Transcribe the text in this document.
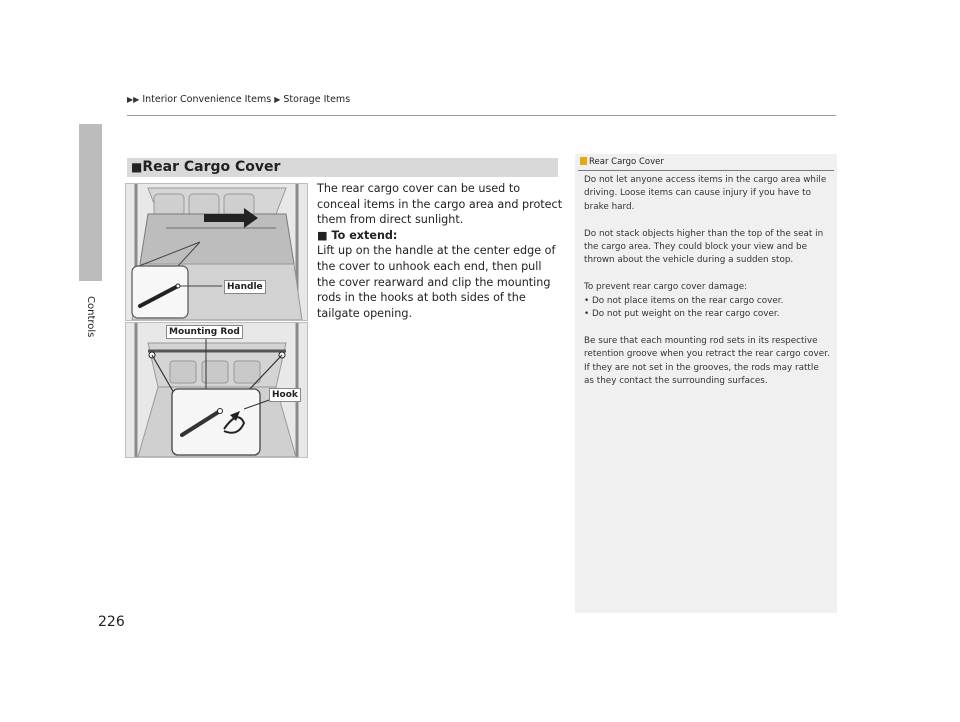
▶▶ Interior Convenience Items ▶ Storage Items
Controls
226
■Rear Cargo Cover
Handle
Mounting Rod
Hook

The rear cargo cover can be used to conceal items in the cargo area and protect them from direct sunlight.

■ To extend:

Lift up on the handle at the center edge of the cover to unhook each end, then pull the cover rearward and clip the mounting rods in the hooks at both sides of the tailgate opening.

Rear Cargo Cover

Do not let anyone access items in the cargo area while driving. Loose items can cause injury if you have to brake hard.

Do not stack objects higher than the top of the seat in the cargo area. They could block your view and be thrown about the vehicle during a sudden stop.

To prevent rear cargo cover damage:

• Do not place items on the rear cargo cover.

• Do not put weight on the rear cargo cover.

Be sure that each mounting rod sets in its respective retention groove when you retract the rear cargo cover. If they are not set in the grooves, the rods may rattle as they contact the surrounding surfaces.
